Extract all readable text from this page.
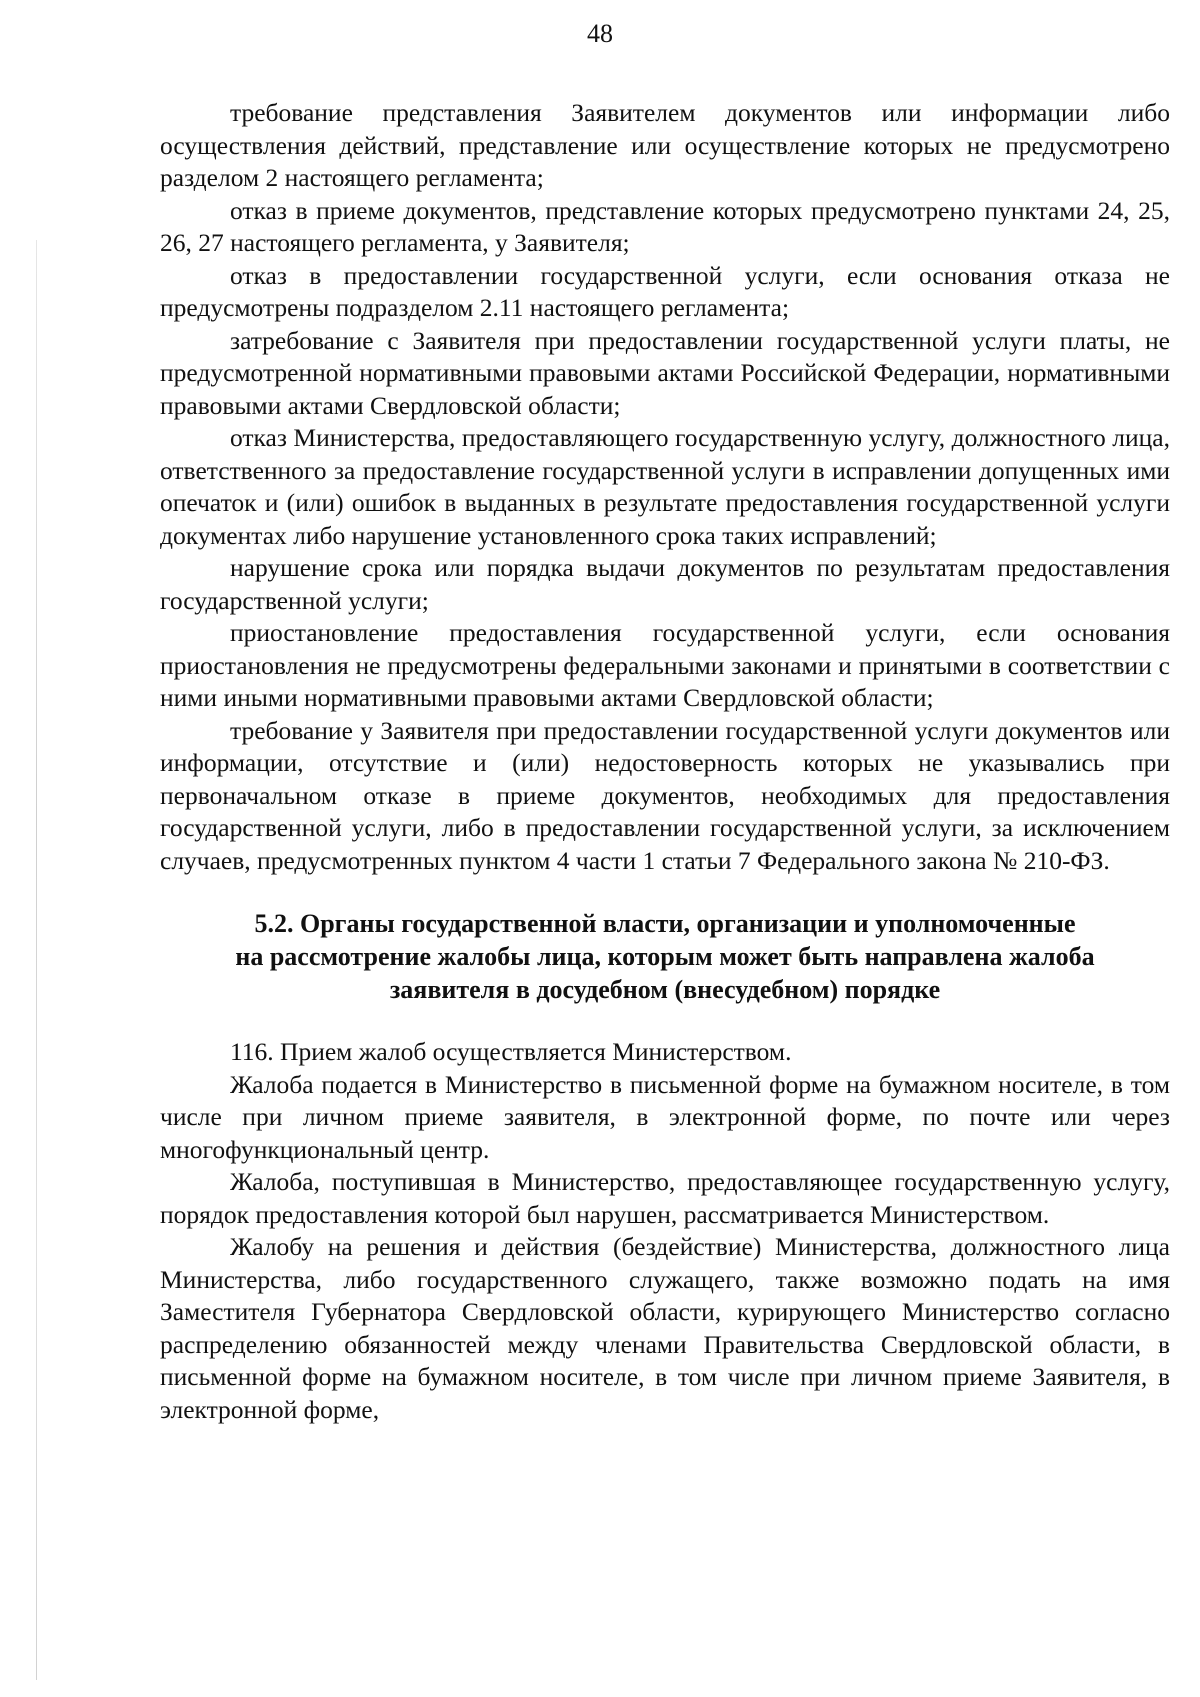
48

требование представления Заявителем документов или информации либо осуществления действий, представление или осуществление которых не предусмотрено разделом 2 настоящего регламента;

отказ в приеме документов, представление которых предусмотрено пунктами 24, 25, 26, 27 настоящего регламента, у Заявителя;

отказ в предоставлении государственной услуги, если основания отказа не предусмотрены подразделом 2.11 настоящего регламента;

затребование с Заявителя при предоставлении государственной услуги платы, не предусмотренной нормативными правовыми актами Российской Федерации, нормативными правовыми актами Свердловской области;

отказ Министерства, предоставляющего государственную услугу, должностного лица, ответственного за предоставление государственной услуги в исправлении допущенных ими опечаток и (или) ошибок в выданных в результате предоставления государственной услуги документах либо нарушение установленного срока таких исправлений;

нарушение срока или порядка выдачи документов по результатам предоставления государственной услуги;

приостановление предоставления государственной услуги, если основания приостановления не предусмотрены федеральными законами и принятыми в соответствии с ними иными нормативными правовыми актами Свердловской области;

требование у Заявителя при предоставлении государственной услуги документов или информации, отсутствие и (или) недостоверность которых не указывались при первоначальном отказе в приеме документов, необходимых для предоставления государственной услуги, либо в предоставлении государственной услуги, за исключением случаев, предусмотренных пунктом 4 части 1 статьи 7 Федерального закона № 210-ФЗ.

5.2. Органы государственной власти, организации и уполномоченные
на рассмотрение жалобы лица, которым может быть направлена жалоба
заявителя в досудебном (внесудебном) порядке

116. Прием жалоб осуществляется Министерством.

Жалоба подается в Министерство в письменной форме на бумажном носителе, в том числе при личном приеме заявителя, в электронной форме, по почте или через многофункциональный центр.

Жалоба, поступившая в Министерство, предоставляющее государственную услугу, порядок предоставления которой был нарушен, рассматривается Министерством.

Жалобу на решения и действия (бездействие) Министерства, должностного лица Министерства, либо государственного служащего, также возможно подать на имя Заместителя Губернатора Свердловской области, курирующего Министерство согласно распределению обязанностей между членами Правительства Свердловской области, в письменной форме на бумажном носителе, в том числе при личном приеме Заявителя, в электронной форме,
